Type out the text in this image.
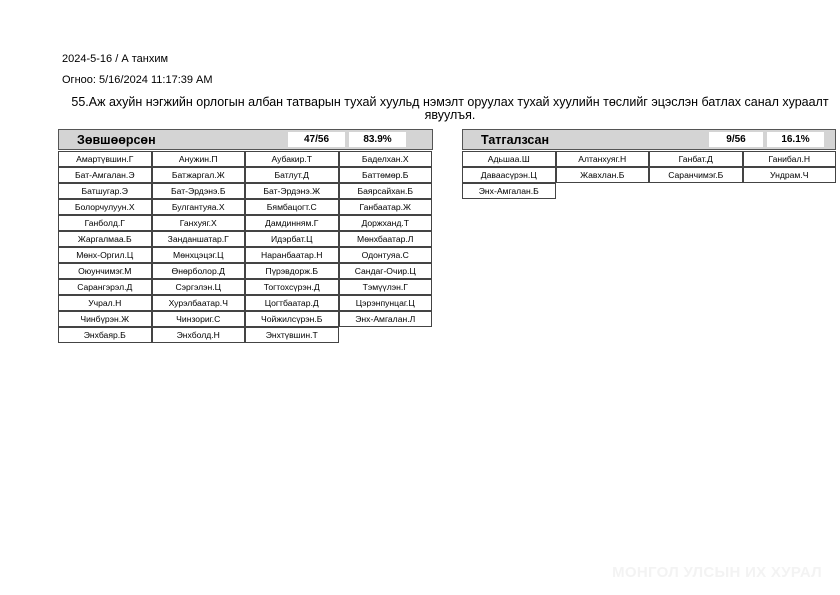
2024-5-16 / А танхим
Огноо: 5/16/2024 11:17:39 AM
55.Аж ахуйн нэгжийн орлогын албан татварын тухай хуульд нэмэлт оруулах тухай хуулийн төслийг эцэслэн батлах санал хураалт явуулъя.
Зөвшөөрсөн	47/56	83.9%
Амартүвшин.Г	Анужин.П	Аубакир.Т	Баделхан.Х
Бат-Амгалан.Э	Батжаргал.Ж	Батлут.Д	Баттөмөр.Б
Батшугар.Э	Бат-Эрдэнэ.Б	Бат-Эрдэнэ.Ж	Баярсайхан.Б
Болорчулуун.Х	Булгантуяа.Х	Бямбацогт.С	Ганбаатар.Ж
Ганболд.Г	Ганхуяг.Х	Дамдинням.Г	Доржханд.Т
Жаргалмаа.Б	Занданшатар.Г	Идэрбат.Ц	Мөнхбаатар.Л
Мөнх-Оргил.Ц	Мөнхцэцэг.Ц	Наранбаатар.Н	Одонтуяа.С
Оюунчимэг.М	Өнөрболор.Д	Пүрэвдорж.Б	Сандаг-Очир.Ц
Сарангэрэл.Д	Сэргэлэн.Ц	Тогтохсүрэн.Д	Тэмүүлэн.Г
Учрал.Н	Хурэлбаатар.Ч	Цогтбаатар.Д	Цэрэнпунцаг.Ц
Чинбүрэн.Ж	Чинзориг.С	Чойжилсүрэн.Б	Энх-Амгалан.Л
Энхбаяр.Б	Энхболд.Н	Энхтүвшин.Т
Татгалзсан	9/56	16.1%
Адьшаа.Ш	Алтанхуяг.Н	Ганбат.Д	Ганибал.Н
Даваасүрэн.Ц	Жавхлан.Б	Саранчимэг.Б	Ундрам.Ч
Энх-Амгалан.Б
МОНГОЛ УЛСЫН ИХ ХУРАЛ
